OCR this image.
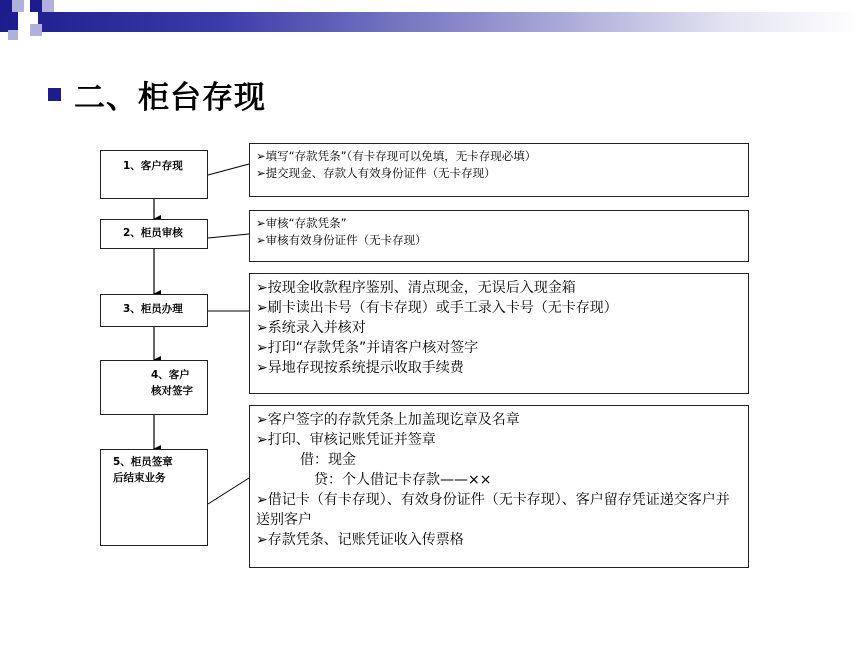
二、柜台存现
1、客户存现
2、柜员审核
3、柜员办理
4、客户
核对签字
5、柜员签章
后结束业务
➢填写“存款凭条”（有卡存现可以免填，无卡存现必填）
➢提交现金、存款人有效身份证件（无卡存现）
➢审核“存款凭条”
➢审核有效身份证件（无卡存现）
➢按现金收款程序鉴别、清点现金，无误后入现金箱
➢刷卡读出卡号（有卡存现）或手工录入卡号（无卡存现）
➢系统录入并核对
➢打印“存款凭条”并请客户核对签字
➢异地存现按系统提示收取手续费
➢客户签字的存款凭条上加盖现讫章及名章
➢打印、审核记账凭证并签章
借：现金
贷：个人借记卡存款——××
➢借记卡（有卡存现）、有效身份证件（无卡存现）、客户留存凭证递交客户并送别客户
➢存款凭条、记账凭证收入传票格
